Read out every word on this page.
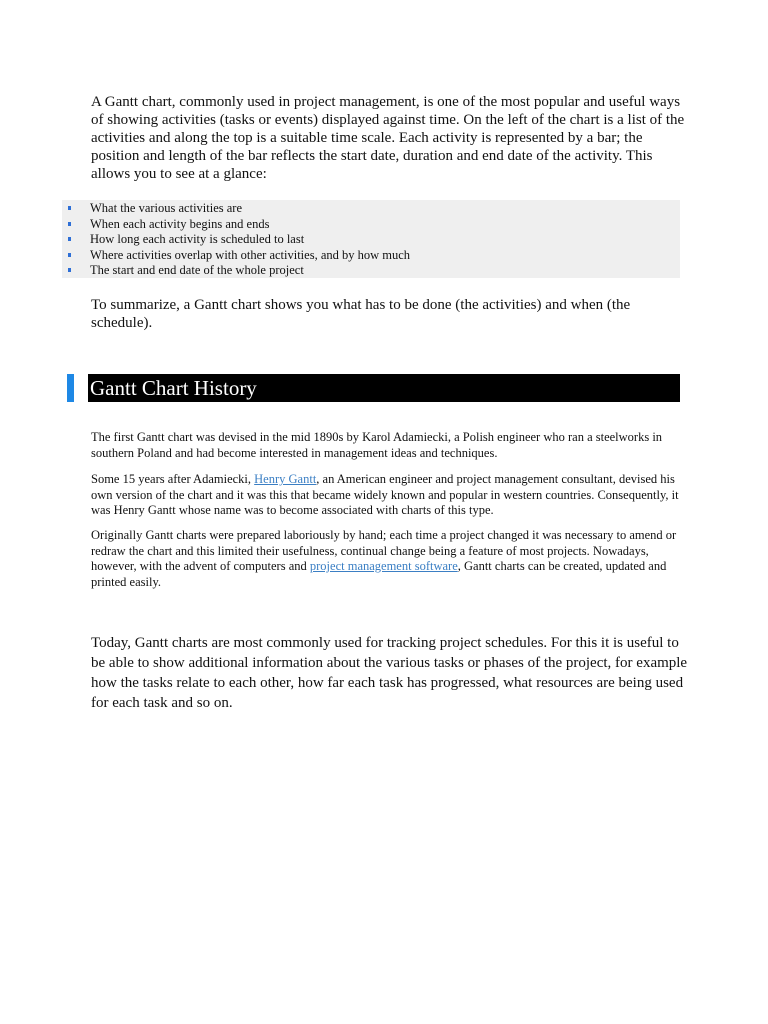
A Gantt chart, commonly used in project management, is one of the most popular and useful ways of showing activities (tasks or events) displayed against time. On the left of the chart is a list of the activities and along the top is a suitable time scale. Each activity is represented by a bar; the position and length of the bar reflects the start date, duration and end date of the activity. This allows you to see at a glance:

What the various activities are
When each activity begins and ends
How long each activity is scheduled to last
Where activities overlap with other activities, and by how much
The start and end date of the whole project

To summarize, a Gantt chart shows you what has to be done (the activities) and when (the schedule).

Gantt Chart History

The first Gantt chart was devised in the mid 1890s by Karol Adamiecki, a Polish engineer who ran a steelworks in southern Poland and had become interested in management ideas and techniques.

Some 15 years after Adamiecki, Henry Gantt, an American engineer and project management consultant, devised his own version of the chart and it was this that became widely known and popular in western countries. Consequently, it was Henry Gantt whose name was to become associated with charts of this type.

Originally Gantt charts were prepared laboriously by hand; each time a project changed it was necessary to amend or redraw the chart and this limited their usefulness, continual change being a feature of most projects. Nowadays, however, with the advent of computers and project management software, Gantt charts can be created, updated and printed easily.

Today, Gantt charts are most commonly used for tracking project schedules. For this it is useful to be able to show additional information about the various tasks or phases of the project, for example how the tasks relate to each other, how far each task has progressed, what resources are being used for each task and so on.
